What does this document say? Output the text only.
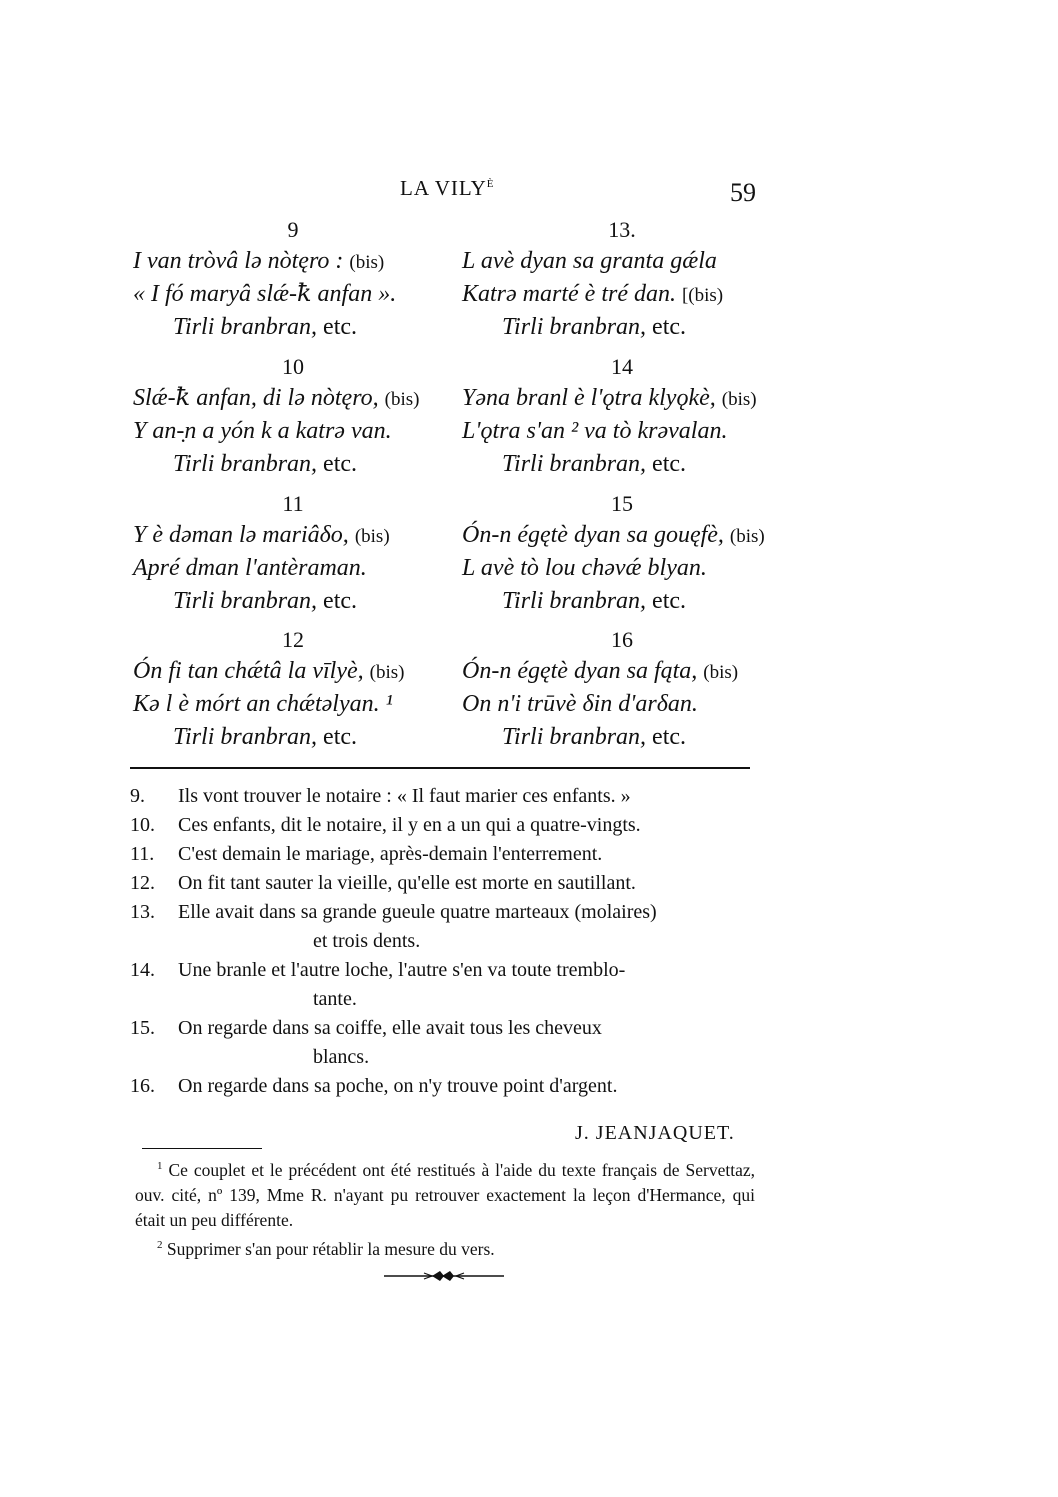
LA $VILY^È$	59
9
I van tròvâ lə nòtęro : (bis)
« I fó maryâ slǽ-ꝁ anfan ».
Tirli branbran, etc.
10
Slǽ-ꝁ anfan, di lə nòtęro, (bis)
Y an-̣n a yón k a katrə van.
Tirli branbran, etc.
11
Y è dəman lə mariâδo, (bis)
Apré dman l'antèraman.
Tirli branbran, etc.
12
Ón fi tan chǽtâ la vīlyè, (bis)
Kə l è mórt an chǽtəlyan. ¹
Tirli branbran, etc.
13.
L avè dyan sa granta gǽla
Katrə marté è tré dan. [(bis)
Tirli branbran, etc.
14
Yəna branl è l'ǫtra klyǫkè, (bis)
L'ǫtra s'an ² va tò krəvalan.
Tirli branbran, etc.
15
Ón-n égętè dyan sa gouęfè, (bis)
L avè tò lou chəvǽ blyan.
Tirli branbran, etc.
16
Ón-n égętè dyan sa fąta, (bis)
On n'i trūvè δin d'arδan.
Tirli branbran, etc.
9.	Ils vont trouver le notaire : « Il faut marier ces enfants. »
10.	Ces enfants, dit le notaire, il y en a un qui a quatre-vingts.
11.	C'est demain le mariage, après-demain l'enterrement.
12.	On fit tant sauter la vieille, qu'elle est morte en sautillant.
13.	Elle avait dans sa grande gueule quatre marteaux (molaires)
et trois dents.
14.	Une branle et l'autre loche, l'autre s'en va toute tremblo-
tante.
15.	On regarde dans sa coiffe, elle avait tous les cheveux
blancs.
16.	On regarde dans sa poche, on n'y trouve point d'argent.
J. JEANJAQUET.
$^1$ Ce couplet et le précédent ont été restitués à l'aide du texte français de Servettaz, ouv. cité, nº 139, Mme R. n'ayant pu retrouver exactement la leçon d'Hermance, qui était un peu différente.
$^2$ Supprimer s'an pour rétablir la mesure du vers.
